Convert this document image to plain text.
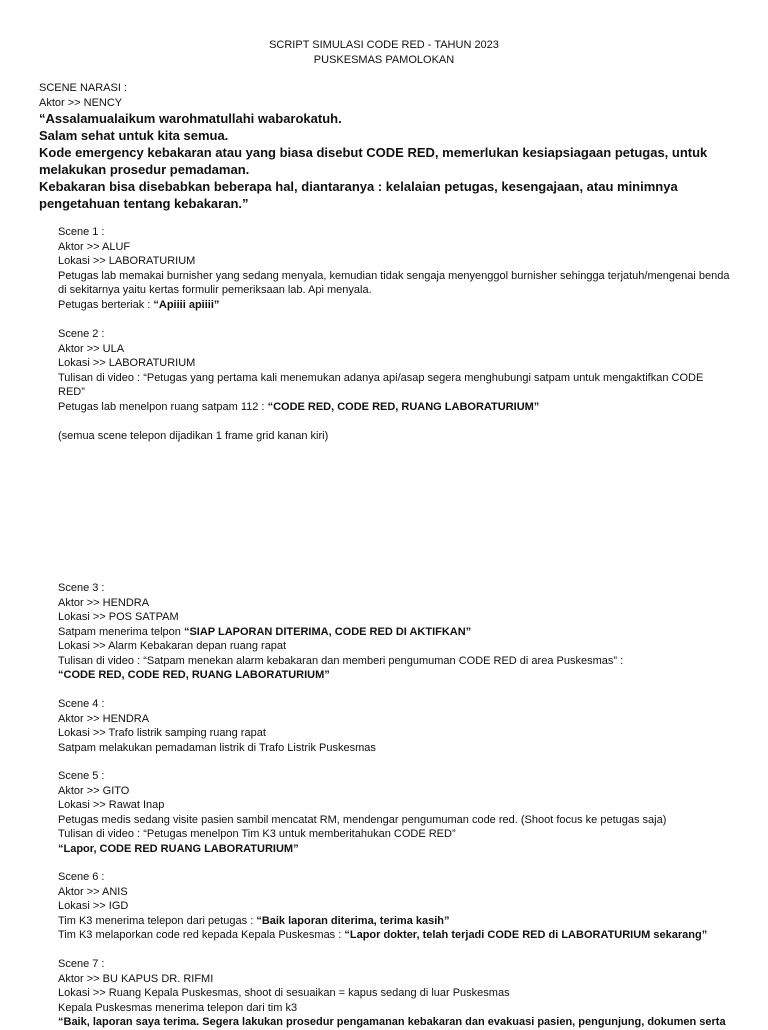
SCRIPT SIMULASI CODE RED - TAHUN 2023
PUSKESMAS PAMOLOKAN
SCENE NARASI :
Aktor >> NENCY
“Assalamualaikum warohmatullahi wabarokatuh.
Salam sehat untuk kita semua.
Kode emergency kebakaran atau yang biasa disebut CODE RED, memerlukan kesiapsiagaan petugas, untuk melakukan prosedur pemadaman.
Kebakaran bisa disebabkan beberapa hal, diantaranya : kelalaian petugas, kesengajaan, atau minimnya pengetahuan tentang kebakaran.”
Scene 1 :
Aktor >> ALUF
Lokasi >> LABORATURIUM
Petugas lab memakai burnisher yang sedang menyala, kemudian tidak sengaja menyenggol burnisher sehingga terjatuh/mengenai benda di sekitarnya yaitu kertas formulir pemeriksaan lab. Api menyala.
Petugas berteriak : “Apiiii apiiii”
Scene 2 :
Aktor >> ULA
Lokasi >> LABORATURIUM
Tulisan di video : “Petugas yang pertama kali menemukan adanya api/asap segera menghubungi satpam untuk mengaktifkan CODE RED”
Petugas lab menelpon ruang satpam 112 : “CODE RED, CODE RED, RUANG LABORATURIUM”
(semua scene telepon dijadikan 1 frame grid kanan kiri)
Scene 3 :
Aktor >> HENDRA
Lokasi >> POS SATPAM
Satpam menerima telpon “SIAP LAPORAN DITERIMA, CODE RED DI AKTIFKAN”
Lokasi >> Alarm Kebakaran depan ruang rapat
Tulisan di video : “Satpam menekan alarm kebakaran dan memberi pengumuman CODE RED di area Puskesmas” :
“CODE RED, CODE RED, RUANG LABORATURIUM”
Scene 4 :
Aktor >> HENDRA
Lokasi >> Trafo listrik samping ruang rapat
Satpam melakukan pemadaman listrik di Trafo Listrik Puskesmas
Scene 5 :
Aktor >> GITO
Lokasi >> Rawat Inap
Petugas medis sedang visite pasien sambil mencatat RM, mendengar pengumuman code red. (Shoot focus ke petugas saja)
Tulisan di video : “Petugas menelpon Tim K3 untuk memberitahukan CODE RED”
“Lapor, CODE RED RUANG LABORATURIUM”
Scene 6 :
Aktor >> ANIS
Lokasi >> IGD
Tim K3 menerima telepon dari petugas : “Baik laporan diterima, terima kasih”
Tim K3 melaporkan code red kepada Kepala Puskesmas : “Lapor dokter, telah terjadi CODE RED di LABORATURIUM sekarang”
Scene 7 :
Aktor >> BU KAPUS DR. RIFMI
Lokasi >> Ruang Kepala Puskesmas, shoot di sesuaikan = kapus sedang di luar Puskesmas
Kepala Puskesmas menerima telepon dari tim k3
“Baik, laporan saya terima. Segera lakukan prosedur pengamanan kebakaran dan evakuasi pasien, pengunjung, dokumen serta
